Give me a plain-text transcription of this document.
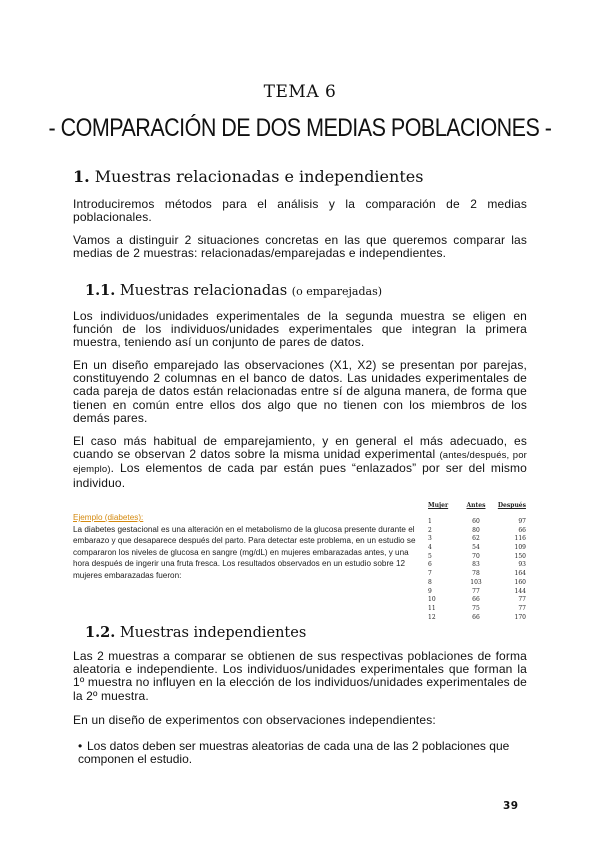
TEMA 6
- COMPARACIÓN DE DOS MEDIAS POBLACIONES -
1. Muestras relacionadas e independientes
Introduciremos métodos para el análisis y la comparación de 2 medias poblacionales.
Vamos a distinguir 2 situaciones concretas en las que queremos comparar las medias de 2 muestras: relacionadas/emparejadas e independientes.
1.1. Muestras relacionadas (o emparejadas)
Los individuos/unidades experimentales de la segunda muestra se eligen en función de los individuos/unidades experimentales que integran la primera muestra, teniendo así un conjunto de pares de datos.
En un diseño emparejado las observaciones (X1, X2) se presentan por parejas, constituyendo 2 columnas en el banco de datos. Las unidades experimentales de cada pareja de datos están relacionadas entre sí de alguna manera, de forma que tienen en común entre ellos dos algo que no tienen con los miembros de los demás pares.
El caso más habitual de emparejamiento, y en general el más adecuado, es cuando se observan 2 datos sobre la misma unidad experimental (antes/después, por ejemplo). Los elementos de cada par están pues “enlazados” por ser del mismo individuo.
Ejemplo (diabetes):
La diabetes gestacional es una alteración en el metabolismo de la glucosa presente durante el embarazo y que desaparece después del parto. Para detectar este problema, en un estudio se compararon los niveles de glucosa en sangre (mg/dL) en mujeres embarazadas antes, y una hora después de ingerir una fruta fresca. Los resultados observados en un estudio sobre 12 mujeres embarazadas fueron:
Mujer	Antes	Después
1	60	97
2	80	66
3	62	116
4	54	109
5	70	150
6	83	93
7	78	164
8	103	160
9	77	144
10	66	77
11	75	77
12	66	170
1.2. Muestras independientes
Las 2 muestras a comparar se obtienen de sus respectivas poblaciones de forma aleatoria e independiente. Los individuos/unidades experimentales que forman la 1º muestra no influyen en la elección de los individuos/unidades experimentales de la 2º muestra.
En un diseño de experimentos con observaciones independientes:
• Los datos deben ser muestras aleatorias de cada una de las 2 poblaciones que componen el estudio.
39
